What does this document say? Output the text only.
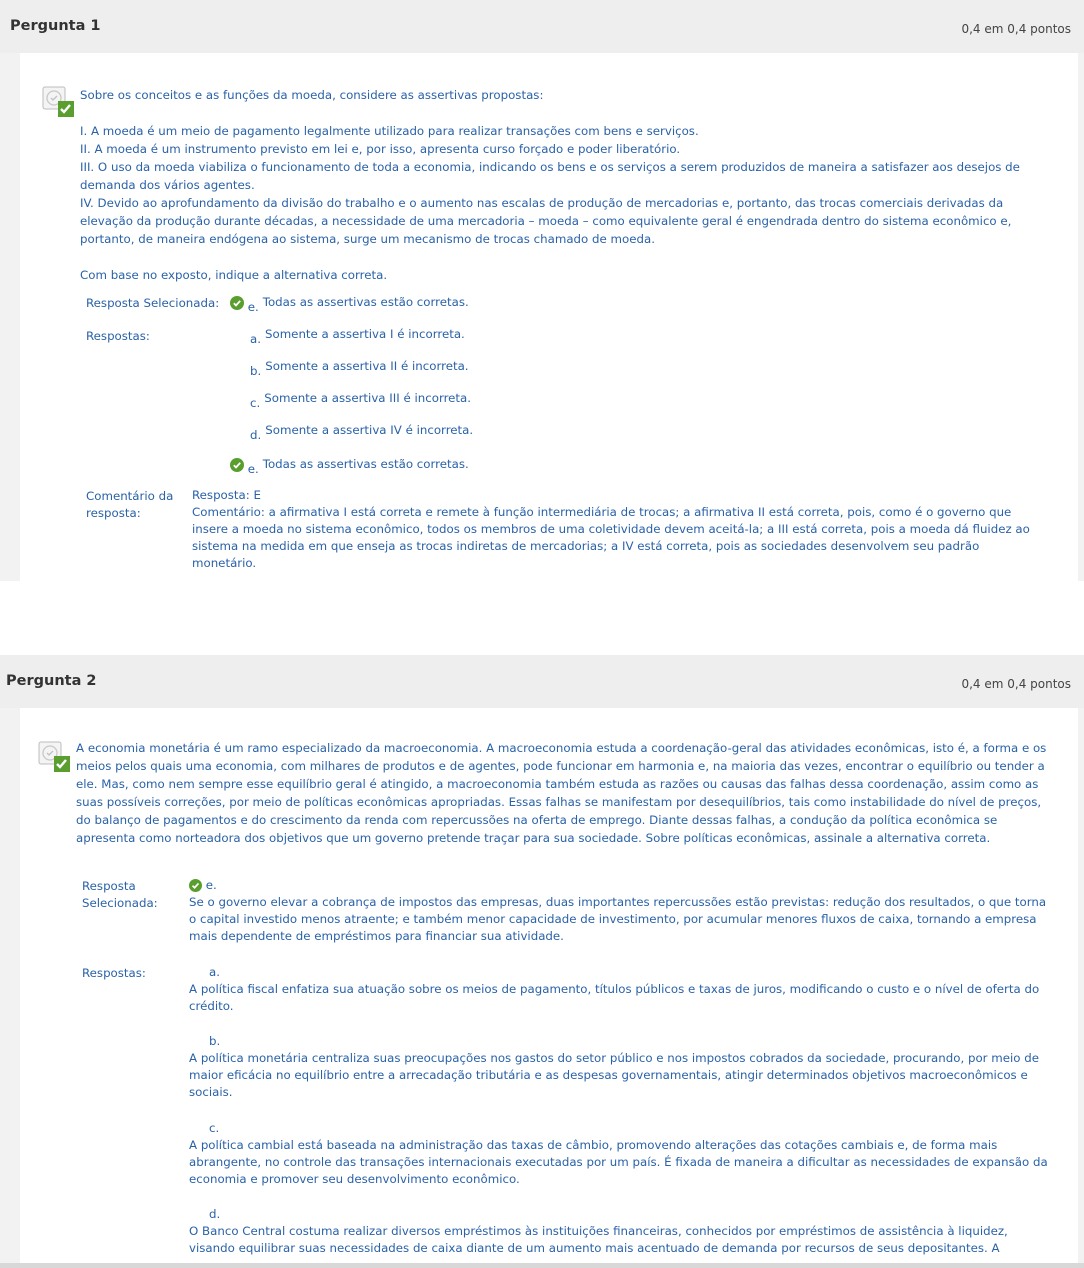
Pergunta 1	0,4 em 0,4 pontos

Sobre os conceitos e as funções da moeda, considere as assertivas propostas:

I. A moeda é um meio de pagamento legalmente utilizado para realizar transações com bens e serviços.

II. A moeda é um instrumento previsto em lei e, por isso, apresenta curso forçado e poder liberatório.

III. O uso da moeda viabiliza o funcionamento de toda a economia, indicando os bens e os serviços a serem produzidos de maneira a satisfazer aos desejos de demanda dos vários agentes.

IV. Devido ao aprofundamento da divisão do trabalho e o aumento nas escalas de produção de mercadorias e, portanto, das trocas comerciais derivadas da elevação da produção durante décadas, a necessidade de uma mercadoria – moeda – como equivalente geral é engendrada dentro do sistema econômico e, portanto, de maneira endógena ao sistema, surge um mecanismo de trocas chamado de moeda.

Com base no exposto, indique a alternativa correta.

Resposta Selecionada:	e. Todas as assertivas estão corretas.
Respostas:	a. Somente a assertiva I é incorreta.
b. Somente a assertiva II é incorreta.
c. Somente a assertiva III é incorreta.
d. Somente a assertiva IV é incorreta.
e. Todas as assertivas estão corretas.
Comentário da
resposta:
Resposta: E
Comentário: a afirmativa I está correta e remete à função intermediária de trocas; a afirmativa II está correta, pois, como é o governo que insere a moeda no sistema econômico, todos os membros de uma coletividade devem aceitá-la; a III está correta, pois a moeda dá fluidez ao sistema na medida em que enseja as trocas indiretas de mercadorias; a IV está correta, pois as sociedades desenvolvem seu padrão monetário.
Pergunta 2	0,4 em 0,4 pontos

A economia monetária é um ramo especializado da macroeconomia. A macroeconomia estuda a coordenação-geral das atividades econômicas, isto é, a forma e os meios pelos quais uma economia, com milhares de produtos e de agentes, pode funcionar em harmonia e, na maioria das vezes, encontrar o equilíbrio ou tender a ele. Mas, como nem sempre esse equilíbrio geral é atingido, a macroeconomia também estuda as razões ou causas das falhas dessa coordenação, assim como as suas possíveis correções, por meio de políticas econômicas apropriadas. Essas falhas se manifestam por desequilíbrios, tais como instabilidade do nível de preços, do balanço de pagamentos e do crescimento da renda com repercussões na oferta de emprego. Diante dessas falhas, a condução da política econômica se apresenta como norteadora dos objetivos que um governo pretende traçar para sua sociedade. Sobre políticas econômicas, assinale a alternativa correta.

Resposta
Selecionada:
e.
Se o governo elevar a cobrança de impostos das empresas, duas importantes repercussões estão previstas: redução dos resultados, o que torna o capital investido menos atraente; e também menor capacidade de investimento, por acumular menores fluxos de caixa, tornando a empresa mais dependente de empréstimos para financiar sua atividade.
Respostas:	a.
A política fiscal enfatiza sua atuação sobre os meios de pagamento, títulos públicos e taxas de juros, modificando o custo e o nível de oferta do crédito.
b.
A política monetária centraliza suas preocupações nos gastos do setor público e nos impostos cobrados da sociedade, procurando, por meio de maior eficácia no equilíbrio entre a arrecadação tributária e as despesas governamentais, atingir determinados objetivos macroeconômicos e sociais.
c.
A política cambial está baseada na administração das taxas de câmbio, promovendo alterações das cotações cambiais e, de forma mais abrangente, no controle das transações internacionais executadas por um país. É fixada de maneira a dificultar as necessidades de expansão da economia e promover seu desenvolvimento econômico.
d.
O Banco Central costuma realizar diversos empréstimos às instituições financeiras, conhecidos por empréstimos de assistência à liquidez, visando equilibrar suas necessidades de caixa diante de um aumento mais acentuado de demanda por recursos de seus depositantes. A
